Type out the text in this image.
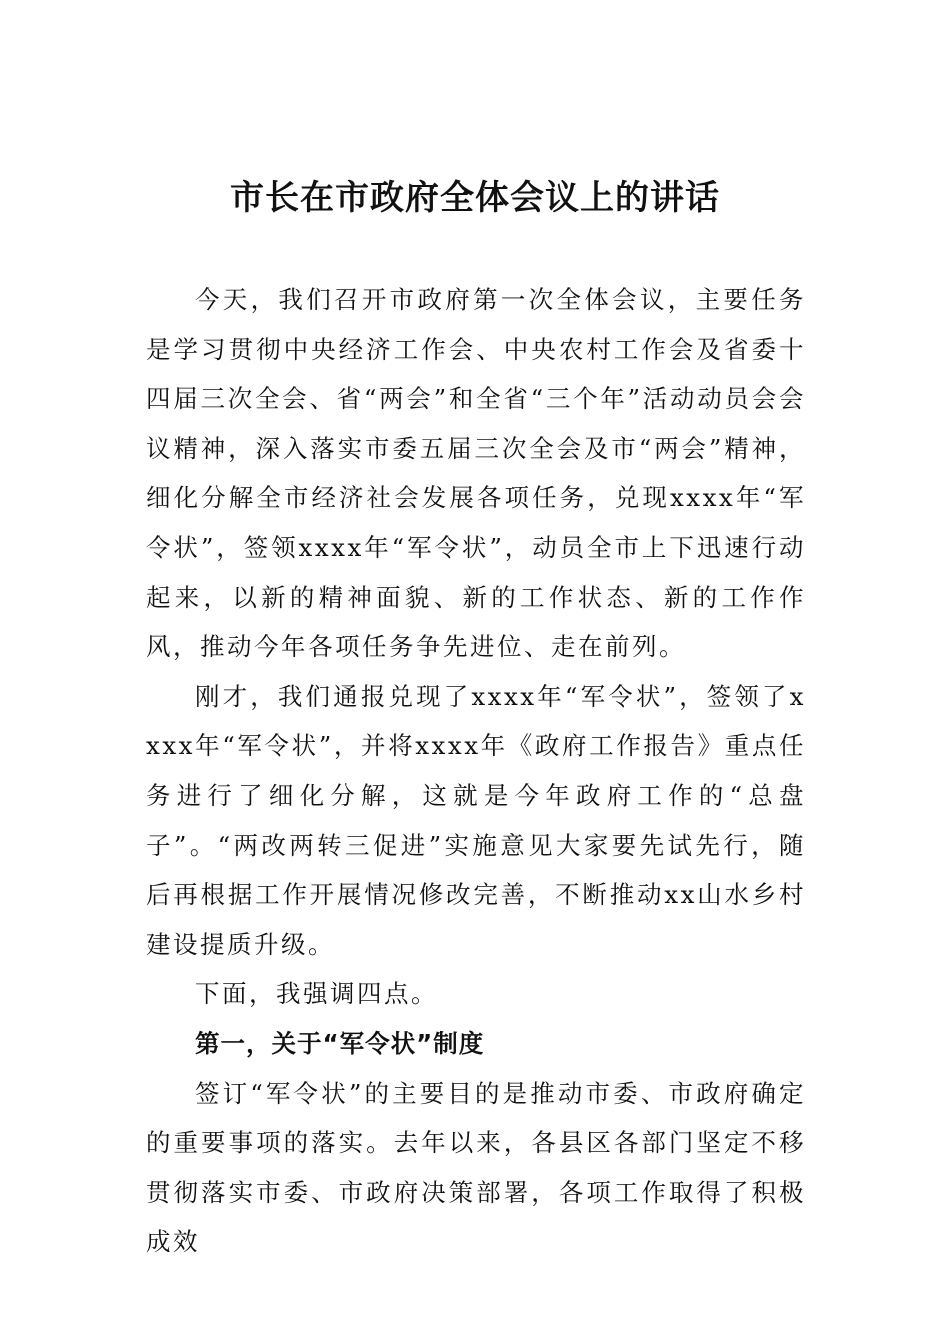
市长在市政府全体会议上的讲话

今天，我们召开市政府第一次全体会议，主要任务是学习贯彻中央经济工作会、中央农村工作会及省委十四届三次全会、省“两会”和全省“三个年”活动动员会会议精神，深入落实市委五届三次全会及市“两会”精神，细化分解全市经济社会发展各项任务，兑现xxxx年“军令状”，签领xxxx年“军令状”，动员全市上下迅速行动起来，以新的精神面貌、新的工作状态、新的工作作风，推动今年各项任务争先进位、走在前列。

刚才，我们通报兑现了xxxx年“军令状”，签领了xxxx年“军令状”，并将xxxx年《政府工作报告》重点任务进行了细化分解，这就是今年政府工作的“总盘子”。“两改两转三促进”实施意见大家要先试先行，随后再根据工作开展情况修改完善，不断推动xx山水乡村建设提质升级。

下面，我强调四点。

第一，关于“军令状”制度

签订“军令状”的主要目的是推动市委、市政府确定的重要事项的落实。去年以来，各县区各部门坚定不移贯彻落实市委、市政府决策部署，各项工作取得了积极成效
